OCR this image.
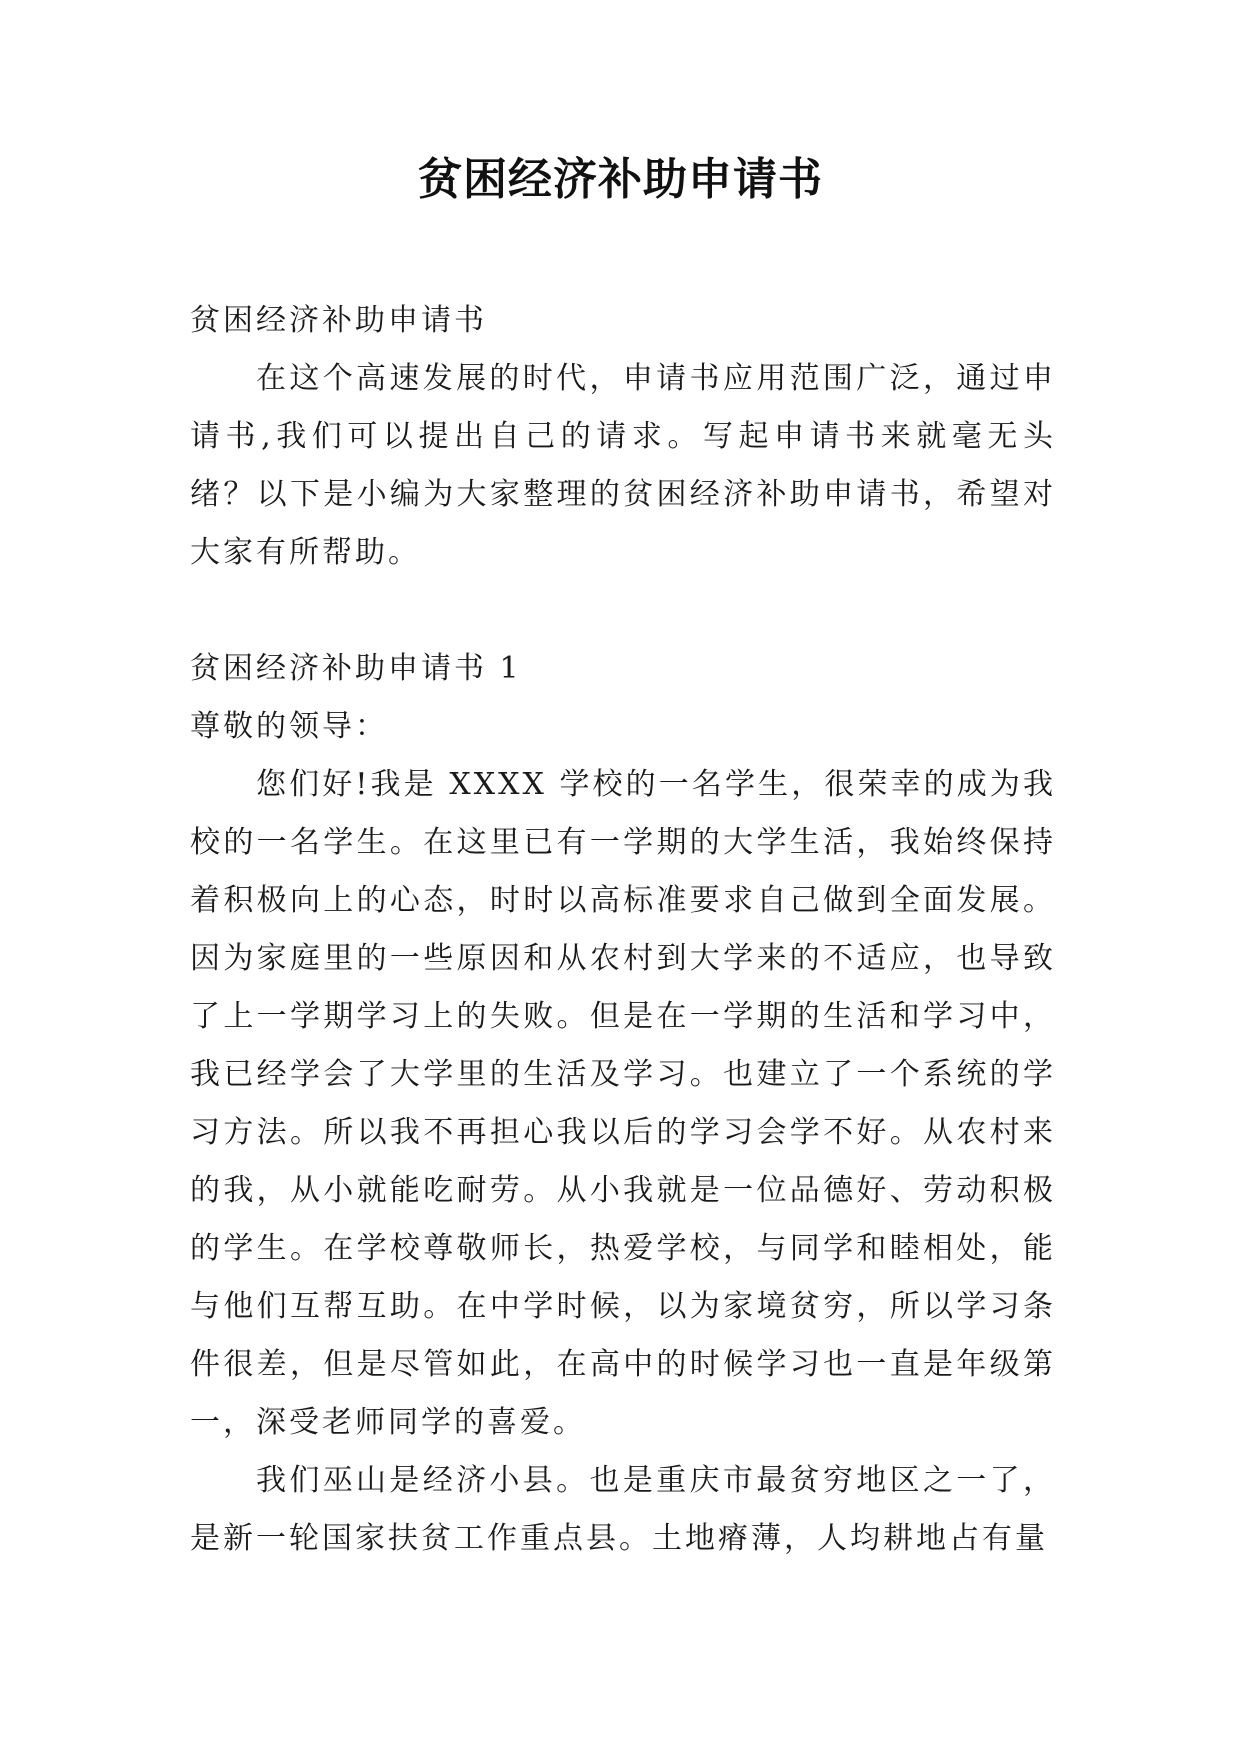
贫困经济补助申请书

贫困经济补助申请书

在这个高速发展的时代，申请书应用范围广泛，通过申请书,我们可以提出自己的请求。写起申请书来就毫无头绪？以下是小编为大家整理的贫困经济补助申请书，希望对大家有所帮助。

贫困经济补助申请书 1

尊敬的领导：

您们好!我是 XXXX 学校的一名学生，很荣幸的成为我校的一名学生。在这里已有一学期的大学生活，我始终保持着积极向上的心态，时时以高标准要求自己做到全面发展。因为家庭里的一些原因和从农村到大学来的不适应，也导致了上一学期学习上的失败。但是在一学期的生活和学习中，我已经学会了大学里的生活及学习。也建立了一个系统的学习方法。所以我不再担心我以后的学习会学不好。从农村来的我，从小就能吃耐劳。从小我就是一位品德好、劳动积极的学生。在学校尊敬师长，热爱学校，与同学和睦相处，能与他们互帮互助。在中学时候，以为家境贫穷，所以学习条件很差，但是尽管如此，在高中的时候学习也一直是年级第一，深受老师同学的喜爱。

我们巫山是经济小县。也是重庆市最贫穷地区之一了，是新一轮国家扶贫工作重点县。土地瘠薄，人均耕地占有量
